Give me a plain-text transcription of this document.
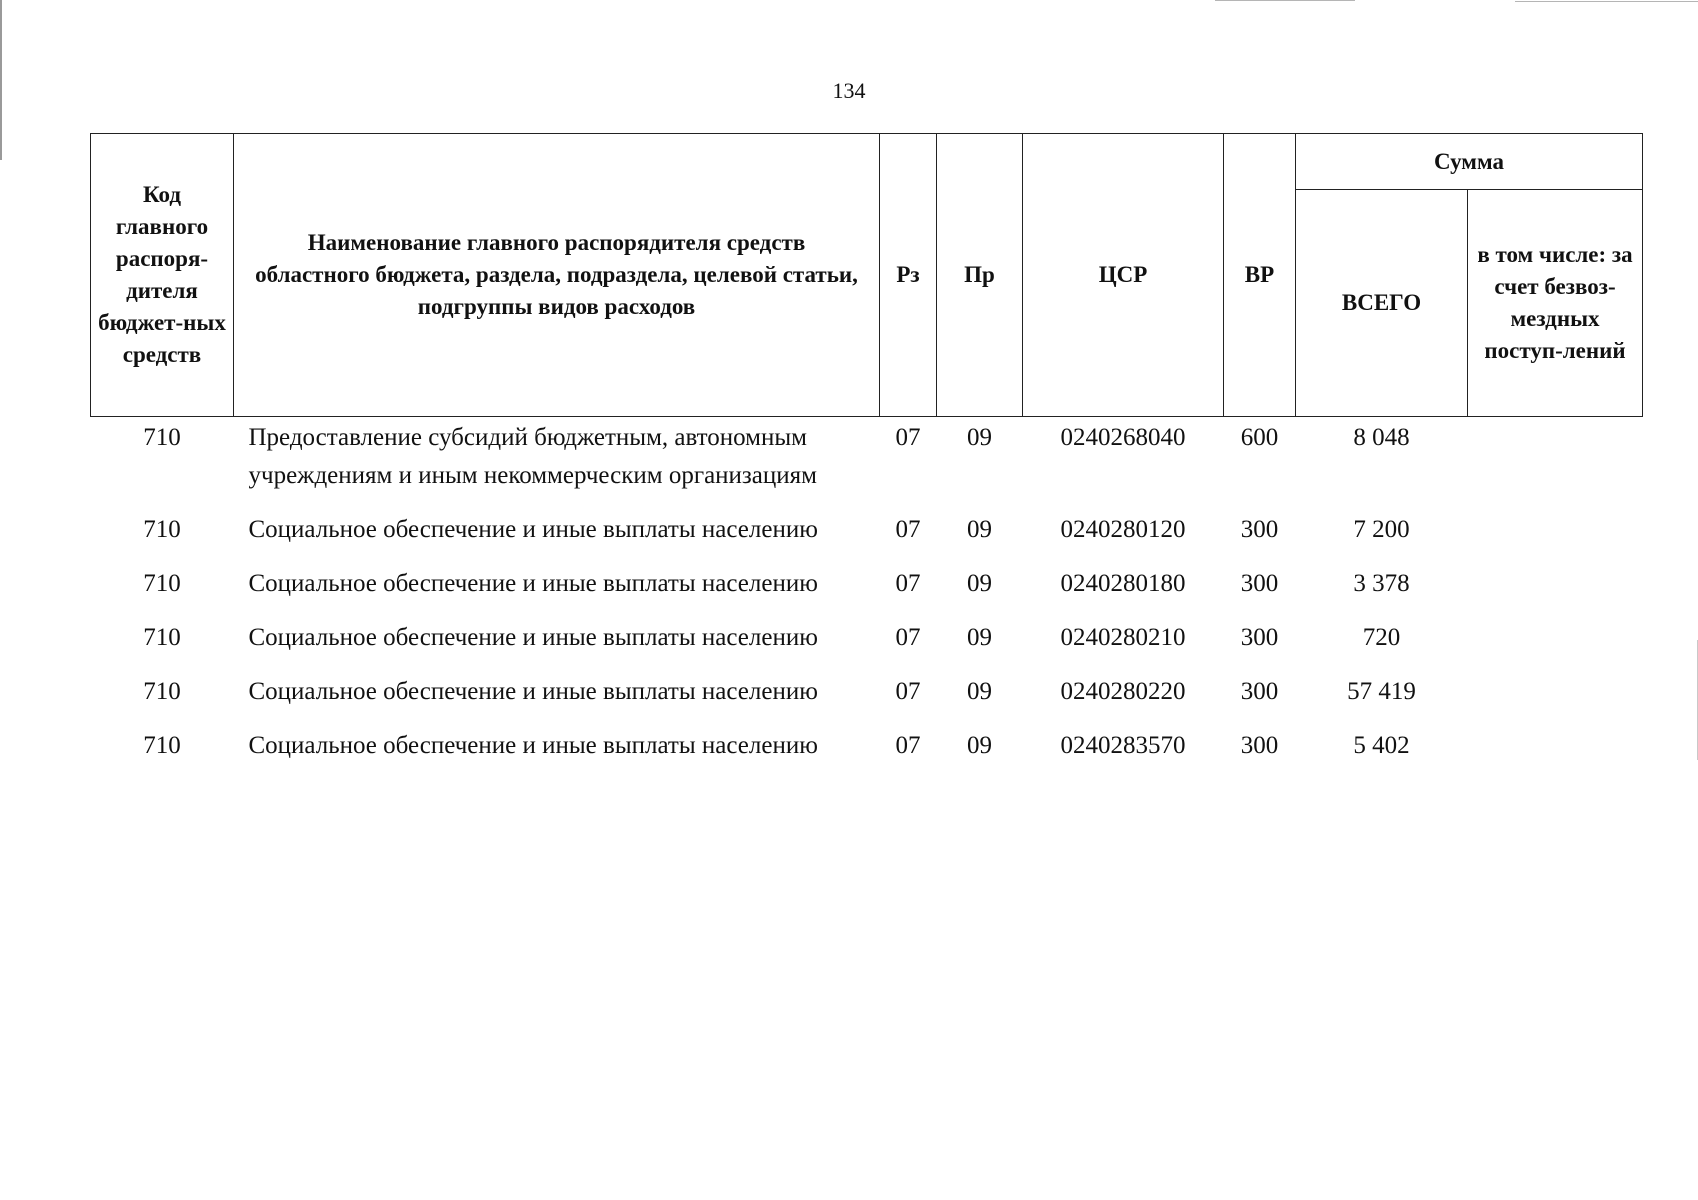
134
Код главного распоря-дителя бюджет-ных средств	Наименование главного распорядителя средств областного бюджета, раздела, подраздела, целевой статьи, подгруппы видов расходов	Рз	Пр	ЦСР	ВР	Сумма	
						ВСЕГО	в том числе: за счет безвоз-мездных поступ-лений
710	Предоставление субсидий бюджетным, автономным учреждениям и иным некоммерческим организациям	07	09	0240268040	600	8 048	
710	Социальное обеспечение и иные выплаты населению	07	09	0240280120	300	7 200	
710	Социальное обеспечение и иные выплаты населению	07	09	0240280180	300	3 378	
710	Социальное обеспечение и иные выплаты населению	07	09	0240280210	300	720	
710	Социальное обеспечение и иные выплаты населению	07	09	0240280220	300	57 419	
710	Социальное обеспечение и иные выплаты населению	07	09	0240283570	300	5 402	
